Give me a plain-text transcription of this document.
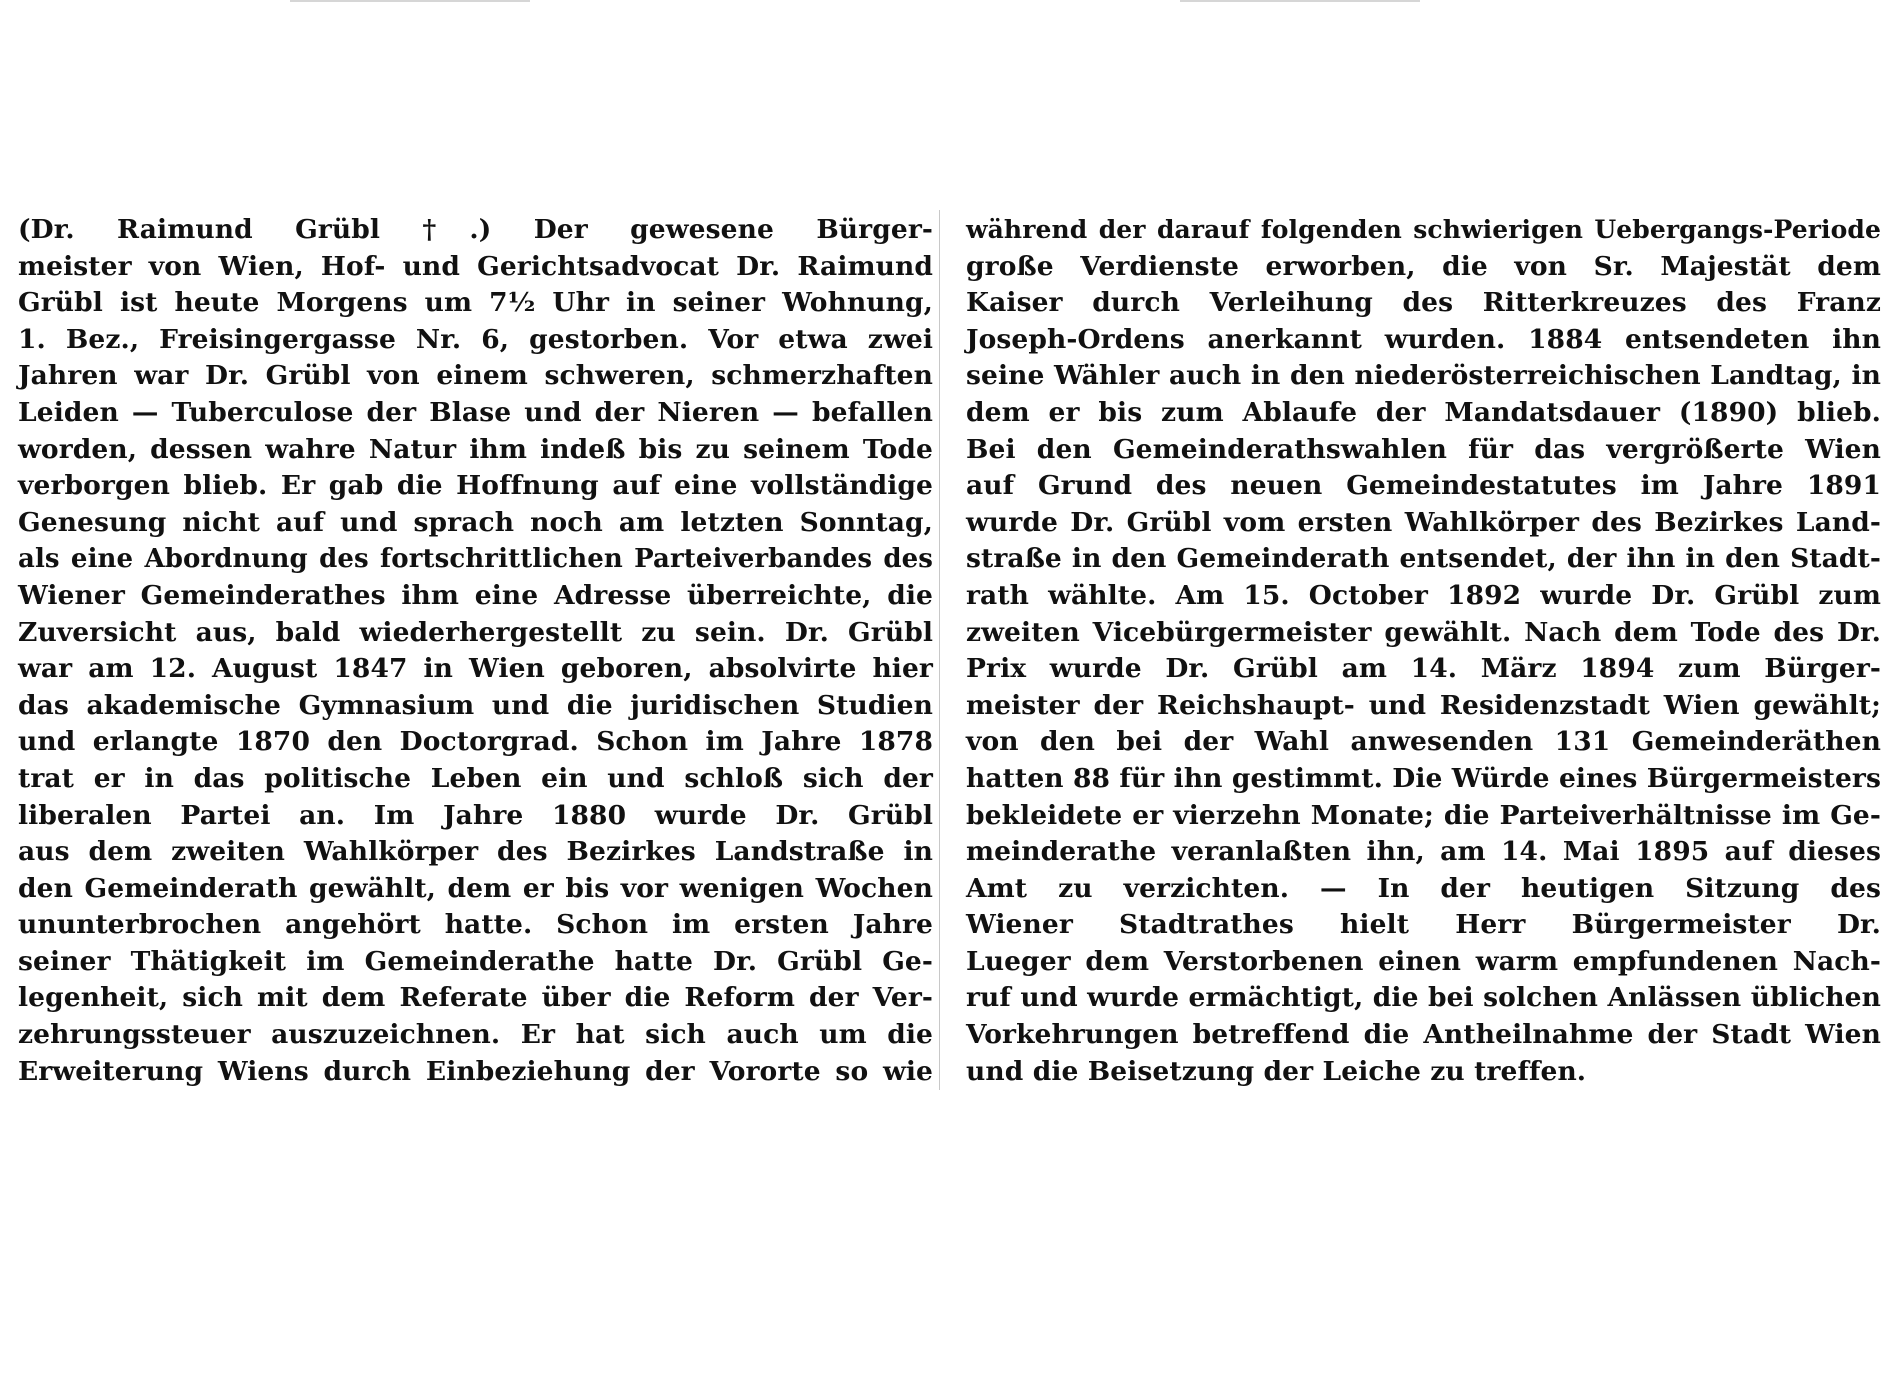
(Dr. Raimund Grübl †.) Der gewesene Bürger-
meister von Wien, Hof- und Gerichtsadvocat Dr. Raimund
Grübl ist heute Morgens um 7½ Uhr in seiner Wohnung,
1. Bez., Freisingergasse Nr. 6, gestorben. Vor etwa zwei
Jahren war Dr. Grübl von einem schweren, schmerzhaften
Leiden — Tuberculose der Blase und der Nieren — befallen
worden, dessen wahre Natur ihm indeß bis zu seinem Tode
verborgen blieb. Er gab die Hoffnung auf eine vollständige
Genesung nicht auf und sprach noch am letzten Sonntag,
als eine Abordnung des fortschrittlichen Parteiverbandes des
Wiener Gemeinderathes ihm eine Adresse überreichte, die
Zuversicht aus, bald wiederhergestellt zu sein. Dr. Grübl
war am 12. August 1847 in Wien geboren, absolvirte hier
das akademische Gymnasium und die juridischen Studien
und erlangte 1870 den Doctorgrad. Schon im Jahre 1878
trat er in das politische Leben ein und schloß sich der
liberalen Partei an. Im Jahre 1880 wurde Dr. Grübl
aus dem zweiten Wahlkörper des Bezirkes Landstraße in
den Gemeinderath gewählt, dem er bis vor wenigen Wochen
ununterbrochen angehört hatte. Schon im ersten Jahre
seiner Thätigkeit im Gemeinderathe hatte Dr. Grübl Ge-
legenheit, sich mit dem Referate über die Reform der Ver-
zehrungssteuer auszuzeichnen. Er hat sich auch um die
Erweiterung Wiens durch Einbeziehung der Vororte so wie
während der darauf folgenden schwierigen Uebergangs-Periode
große Verdienste erworben, die von Sr. Majestät dem
Kaiser durch Verleihung des Ritterkreuzes des Franz
Joseph-Ordens anerkannt wurden. 1884 entsendeten ihn
seine Wähler auch in den niederösterreichischen Landtag, in
dem er bis zum Ablaufe der Mandatsdauer (1890) blieb.
Bei den Gemeinderathswahlen für das vergrößerte Wien
auf Grund des neuen Gemeindestatutes im Jahre 1891
wurde Dr. Grübl vom ersten Wahlkörper des Bezirkes Land-
straße in den Gemeinderath entsendet, der ihn in den Stadt-
rath wählte. Am 15. October 1892 wurde Dr. Grübl zum
zweiten Vicebürgermeister gewählt. Nach dem Tode des Dr.
Prix wurde Dr. Grübl am 14. März 1894 zum Bürger-
meister der Reichshaupt- und Residenzstadt Wien gewählt;
von den bei der Wahl anwesenden 131 Gemeinderäthen
hatten 88 für ihn gestimmt. Die Würde eines Bürgermeisters
bekleidete er vierzehn Monate; die Parteiverhältnisse im Ge-
meinderathe veranlaßten ihn, am 14. Mai 1895 auf dieses
Amt zu verzichten. — In der heutigen Sitzung des
Wiener Stadtrathes hielt Herr Bürgermeister Dr.
Lueger dem Verstorbenen einen warm empfundenen Nach-
ruf und wurde ermächtigt, die bei solchen Anlässen üblichen
Vorkehrungen betreffend die Antheilnahme der Stadt Wien
und die Beisetzung der Leiche zu treffen.
